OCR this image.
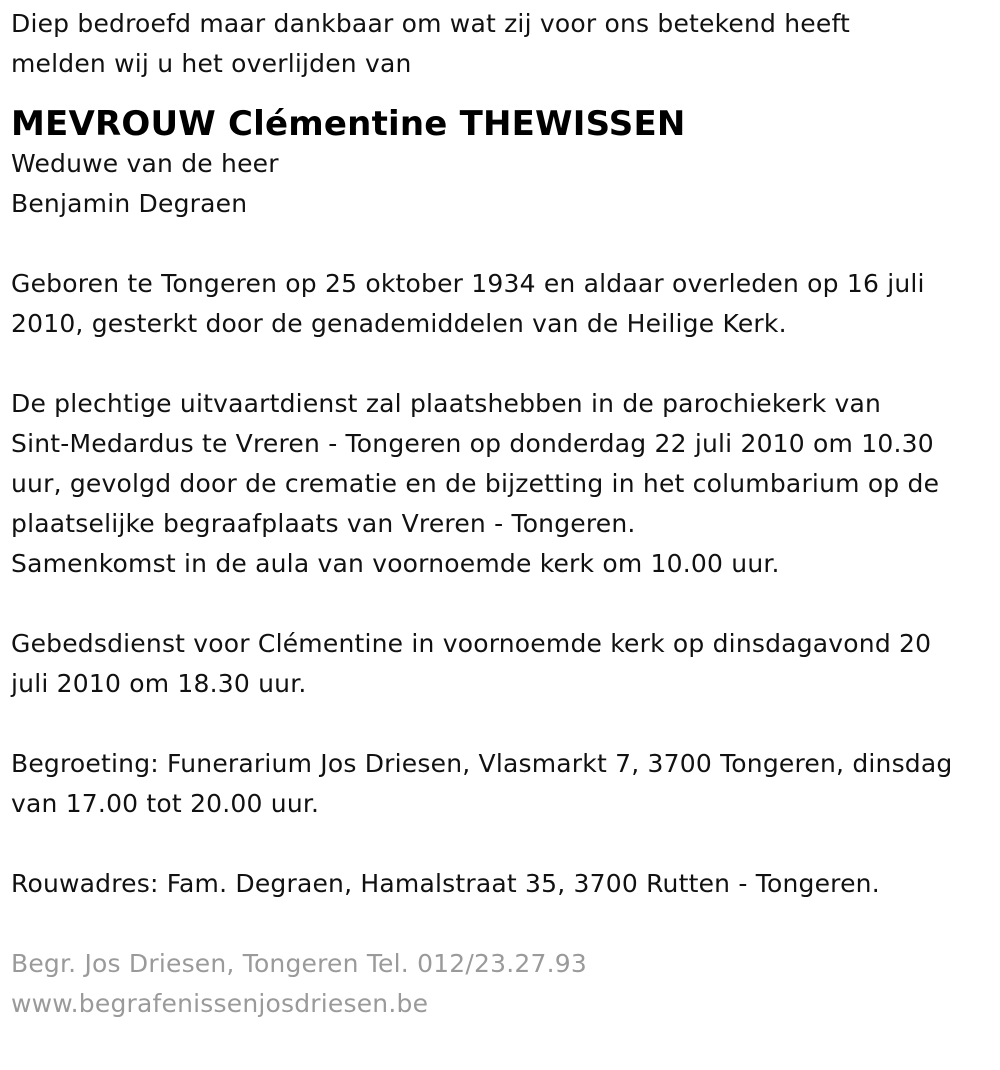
Diep bedroefd maar dankbaar om wat zij voor ons betekend heeft
melden wij u het overlijden van
MEVROUW Clémentine THEWISSEN
Weduwe van de heer
Benjamin Degraen
Geboren te Tongeren op 25 oktober 1934 en aldaar overleden op 16 juli
2010, gesterkt door de genademiddelen van de Heilige Kerk.
De plechtige uitvaartdienst zal plaatshebben in de parochiekerk van
Sint-Medardus te Vreren - Tongeren op donderdag 22 juli 2010 om 10.30
uur, gevolgd door de crematie en de bijzetting in het columbarium op de
plaatselijke begraafplaats van Vreren - Tongeren.
Samenkomst in de aula van voornoemde kerk om 10.00 uur.
Gebedsdienst voor Clémentine in voornoemde kerk op dinsdagavond 20
juli 2010 om 18.30 uur.
Begroeting: Funerarium Jos Driesen, Vlasmarkt 7, 3700 Tongeren, dinsdag
van 17.00 tot 20.00 uur.
Rouwadres: Fam. Degraen, Hamalstraat 35, 3700 Rutten - Tongeren.
Begr. Jos Driesen, Tongeren Tel. 012/23.27.93
www.begrafenissenjosdriesen.be
